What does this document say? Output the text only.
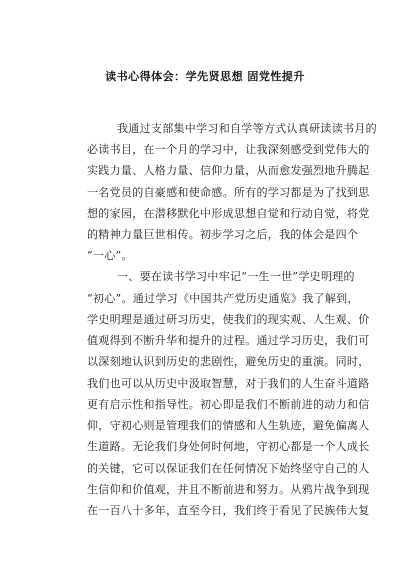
读书心得体会：学先贤思想 固党性提升
我通过支部集中学习和自学等方式认真研读读书月的
必读书目，在一个月的学习中，让我深刻感受到党伟大的
实践力量、人格力量、信仰力量，从而愈发强烈地升腾起
一名党员的自豪感和使命感。所有的学习都是为了找到思
想的家园，在潜移默化中形成思想自觉和行动自觉，将党
的精神力量巨世相传。初步学习之后，我的体会是四个
“一心”。
一、要在读书学习中牢记“一生一世”学史明理的
“初心”。通过学习《中国共产党历史通览》我了解到，
学史明理是通过研习历史，使我们的现实观、人生观、价
值观得到不断升华和提升的过程。通过学习历史，我们可
以深刻地认识到历史的悲剧性，避免历史的重演。同时，
我们也可以从历史中汲取智慧，对于我们的人生奋斗道路
更有启示性和指导性。初心即是我们不断前进的动力和信
仰，守初心则是管理我们的情感和人生轨迹，避免偏离人
生道路。无论我们身处何时何地，守初心都是一个人成长
的关键，它可以保证我们在任何情况下始终坚守自己的人
生信仰和价值观，并且不断前进和努力。从鸦片战争到现
在一百八十多年，直至今日，我们终于看见了民族伟大复
